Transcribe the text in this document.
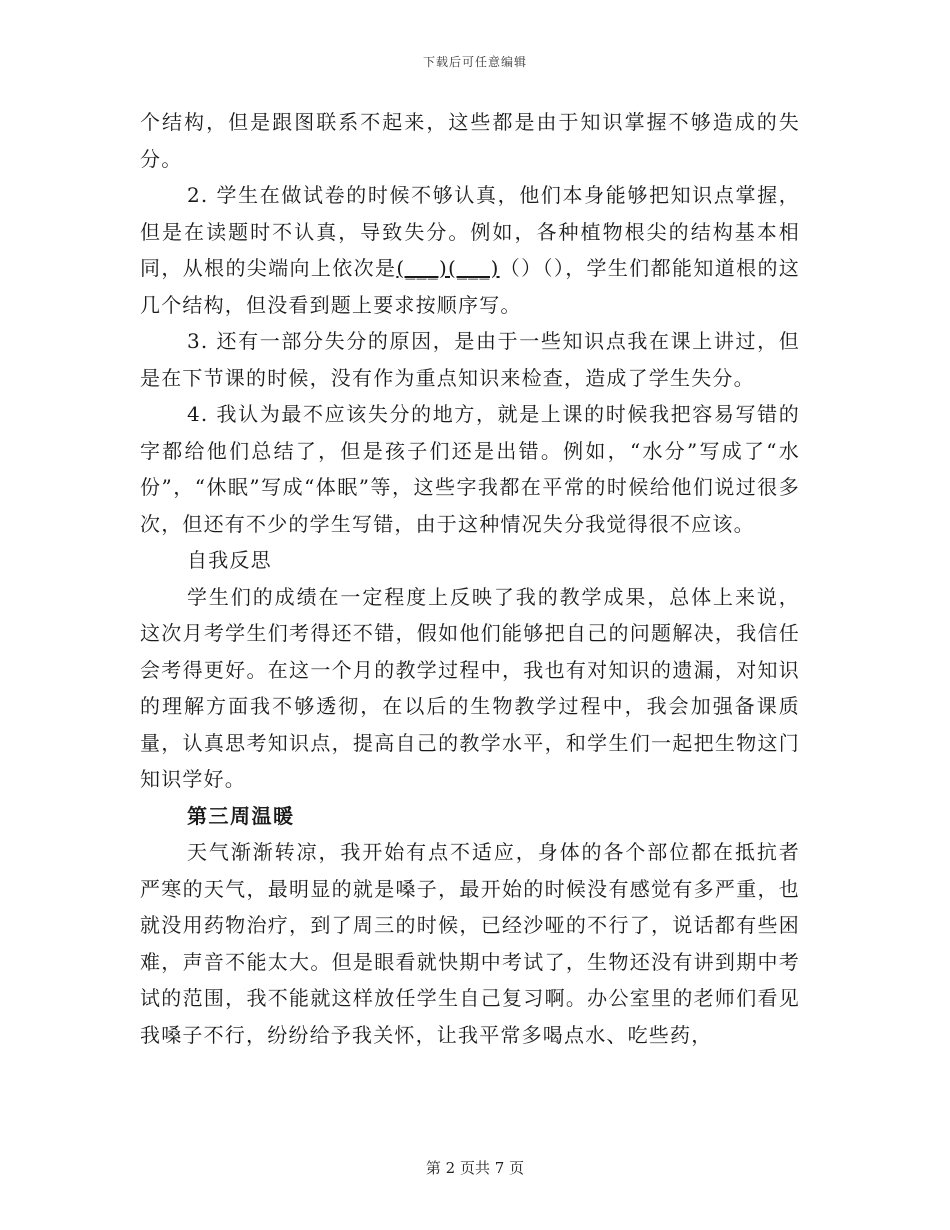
下载后可任意编辑

个结构，但是跟图联系不起来，这些都是由于知识掌握不够造成的失分。

2. 学生在做试卷的时候不够认真，他们本身能够把知识点掌握，但是在读题时不认真，导致失分。例如，各种植物根尖的结构基本相同，从根的尖端向上依次是(___)(___)（）（），学生们都能知道根的这几个结构，但没看到题上要求按顺序写。

3. 还有一部分失分的原因，是由于一些知识点我在课上讲过，但是在下节课的时候，没有作为重点知识来检查，造成了学生失分。

4. 我认为最不应该失分的地方，就是上课的时候我把容易写错的字都给他们总结了，但是孩子们还是出错。例如，“水分”写成了“水份”，“休眠”写成“体眠”等，这些字我都在平常的时候给他们说过很多次，但还有不少的学生写错，由于这种情况失分我觉得很不应该。

自我反思

学生们的成绩在一定程度上反映了我的教学成果，总体上来说，这次月考学生们考得还不错，假如他们能够把自己的问题解决，我信任会考得更好。在这一个月的教学过程中，我也有对知识的遗漏，对知识的理解方面我不够透彻，在以后的生物教学过程中，我会加强备课质量，认真思考知识点，提高自己的教学水平，和学生们一起把生物这门知识学好。

第三周温暖

天气渐渐转凉，我开始有点不适应，身体的各个部位都在抵抗者严寒的天气，最明显的就是嗓子，最开始的时候没有感觉有多严重，也就没用药物治疗，到了周三的时候，已经沙哑的不行了，说话都有些困难，声音不能太大。但是眼看就快期中考试了，生物还没有讲到期中考试的范围，我不能就这样放任学生自己复习啊。办公室里的老师们看见我嗓子不行，纷纷给予我关怀，让我平常多喝点水、吃些药，

第 2 页共 7 页
